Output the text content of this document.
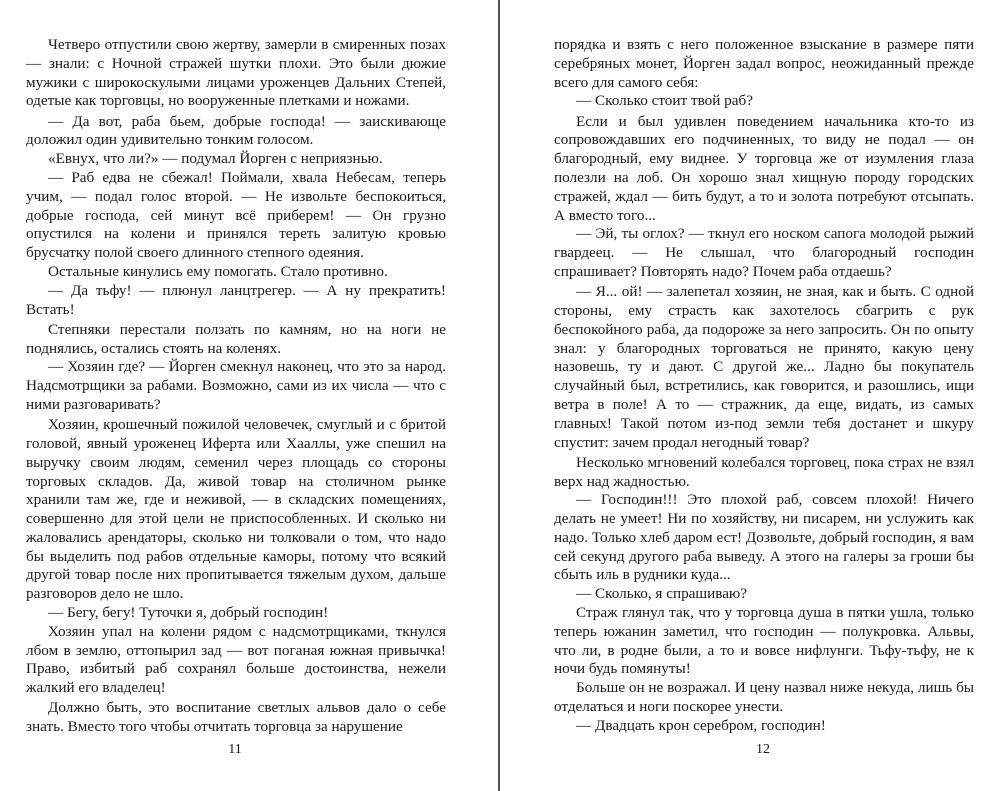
Четверо отпустили свою жертву, замерли в смиренных позах — знали: с Ночной стражей шутки плохи. Это были дюжие мужики с широкоскулыми лицами уроженцев Дальних Степей, одетые как торговцы, но вооруженные плетками и ножами.

— Да вот, раба бьем, добрые господа! — заискивающе доложил один удивительно тонким голосом.

«Евнух, что ли?» — подумал Йорген с неприязнью.

— Раб едва не сбежал! Поймали, хвала Небесам, теперь учим, — подал голос второй. — Не извольте беспокоиться, добрые господа, сей минут всё приберем! — Он грузно опустился на колени и принялся тереть залитую кровью брусчатку полой своего длинного степного одеяния.

Остальные кинулись ему помогать. Стало противно.

— Да тьфу! — плюнул ланцтрегер. — А ну прекратить! Встать!

Степняки перестали ползать по камням, но на ноги не поднялись, остались стоять на коленях.

— Хозяин где? — Йорген смекнул наконец, что это за народ. Надсмотрщики за рабами. Возможно, сами из их числа — что с ними разговаривать?

Хозяин, крошечный пожилой человечек, смуглый и с бритой головой, явный уроженец Иферта или Хааллы, уже спешил на выручку своим людям, семенил через площадь со стороны торговых складов. Да, живой товар на столичном рынке хранили там же, где и неживой, — в складских помещениях, совершенно для этой цели не приспособленных. И сколько ни жаловались арендаторы, сколько ни толковали о том, что надо бы выделить под рабов отдельные каморы, потому что всякий другой товар после них пропитывается тяжелым духом, дальше разговоров дело не шло.

— Бегу, бегу! Туточки я, добрый господин!

Хозяин упал на колени рядом с надсмотрщиками, ткнулся лбом в землю, оттопырил зад — вот поганая южная привычка! Право, избитый раб сохранял больше достоинства, нежели жалкий его владелец!

Должно быть, это воспитание светлых альвов дало о себе знать. Вместо того чтобы отчитать торговца за нарушение

11

порядка и взять с него положенное взыскание в размере пяти серебряных монет, Йорген задал вопрос, неожиданный прежде всего для самого себя:

— Сколько стоит твой раб?

Если и был удивлен поведением начальника кто-то из сопровождавших его подчиненных, то виду не подал — он благородный, ему виднее. У торговца же от изумления глаза полезли на лоб. Он хорошо знал хищную породу городских стражей, ждал — бить будут, а то и золота потребуют отсыпать. А вместо того...

— Эй, ты оглох? — ткнул его носком сапога молодой рыжий гвардеец. — Не слышал, что благородный господин спрашивает? Повторять надо? Почем раба отдаешь?

— Я... ой! — залепетал хозяин, не зная, как и быть. С одной стороны, ему страсть как захотелось сбагрить с рук беспокойного раба, да подороже за него запросить. Он по опыту знал: у благородных торговаться не принято, какую цену назовешь, ту и дают. С другой же... Ладно бы покупатель случайный был, встретились, как говорится, и разошлись, ищи ветра в поле! А то — стражник, да еще, видать, из самых главных! Такой потом из-под земли тебя достанет и шкуру спустит: зачем продал негодный товар?

Несколько мгновений колебался торговец, пока страх не взял верх над жадностью.

— Господин!!! Это плохой раб, совсем плохой! Ничего делать не умеет! Ни по хозяйству, ни писарем, ни услужить как надо. Только хлеб даром ест! Дозвольте, добрый господин, я вам сей секунд другого раба выведу. А этого на галеры за гроши бы сбыть иль в рудники куда...

— Сколько, я спрашиваю?

Страж глянул так, что у торговца душа в пятки ушла, только теперь южанин заметил, что господин — полукровка. Альвы, что ли, в родне были, а то и вовсе нифлунги. Тьфу-тьфу, не к ночи будь помянуты!

Больше он не возражал. И цену назвал ниже некуда, лишь бы отделаться и ноги поскорее унести.

— Двадцать крон серебром, господин!

12
